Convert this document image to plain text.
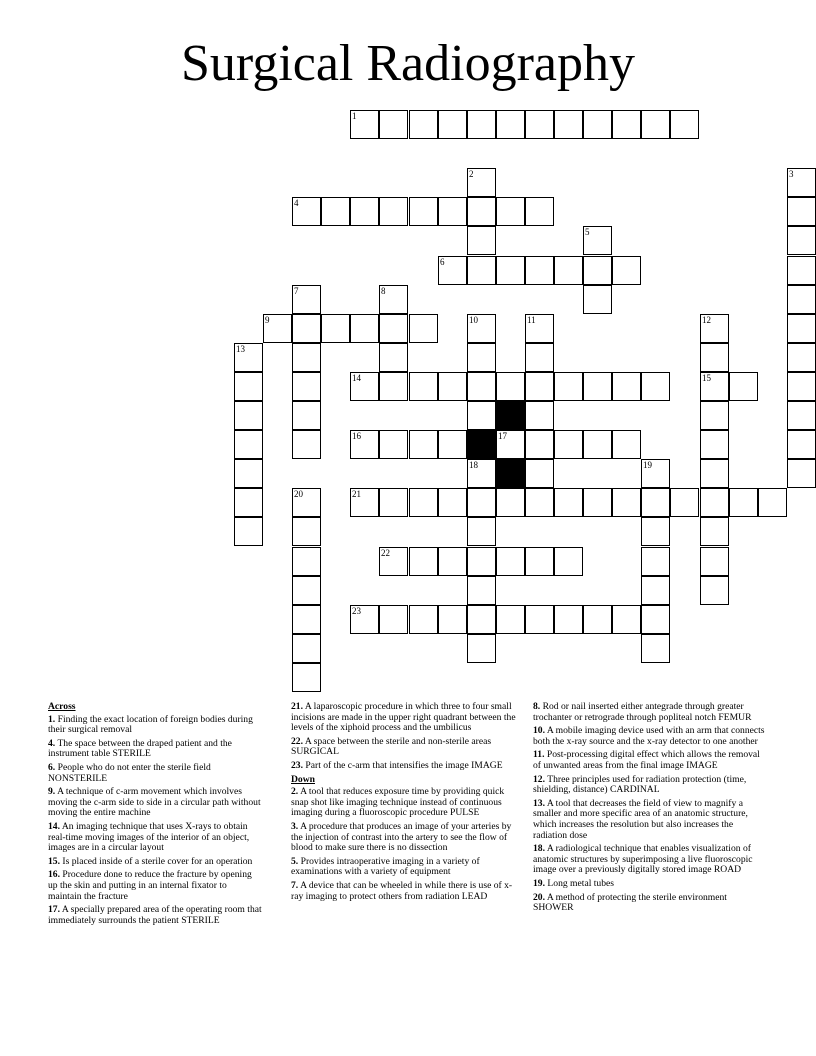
Surgical Radiography
1
2	3
4
5
6
7	8
9	10	11	12
13
14	15
16	17
18	19
20	21
22
23
Across
1. Finding the exact location of foreign bodies during their surgical removal
4. The space between the draped patient and the instrument table STERILE
6. People who do not enter the sterile field NONSTERILE
9. A technique of c-arm movement which involves moving the c-arm side to side in a circular path without moving the entire machine
14. An imaging technique that uses X-rays to obtain real-time moving images of the interior of an object, images are in a circular layout
15. Is placed inside of a sterile cover for an operation
16. Procedure done to reduce the fracture by opening up the skin and putting in an internal fixator to maintain the fracture
17. A specially prepared area of the operating room that immediately surrounds the patient STERILE
21. A laparoscopic procedure in which three to four small incisions are made in the upper right quadrant between the levels of the xiphoid process and the umbilicus
22. A space between the sterile and non-sterile areas SURGICAL
23. Part of the c-arm that intensifies the image IMAGE
Down
2. A tool that reduces exposure time by providing quick snap shot like imaging technique instead of continuous imaging during a fluoroscopic procedure PULSE
3. A procedure that produces an image of your arteries by the injection of contrast into the artery to see the flow of blood to make sure there is no dissection
5. Provides intraoperative imaging in a variety of examinations with a variety of equipment
7. A device that can be wheeled in while there is use of x-ray imaging to protect others from radiation LEAD
8. Rod or nail inserted either antegrade through greater trochanter or retrograde through popliteal notch FEMUR
10. A mobile imaging device used with an arm that connects both the x-ray source and the x-ray detector to one another
11. Post-processing digital effect which allows the removal of unwanted areas from the final image IMAGE
12. Three principles used for radiation protection (time, shielding, distance) CARDINAL
13. A tool that decreases the field of view to magnify a smaller and more specific area of an anatomic structure, which increases the resolution but also increases the radiation dose
18. A radiological technique that enables visualization of anatomic structures by superimposing a live fluoroscopic image over a previously digitally stored image ROAD
19. Long metal tubes
20. A method of protecting the sterile environment SHOWER
